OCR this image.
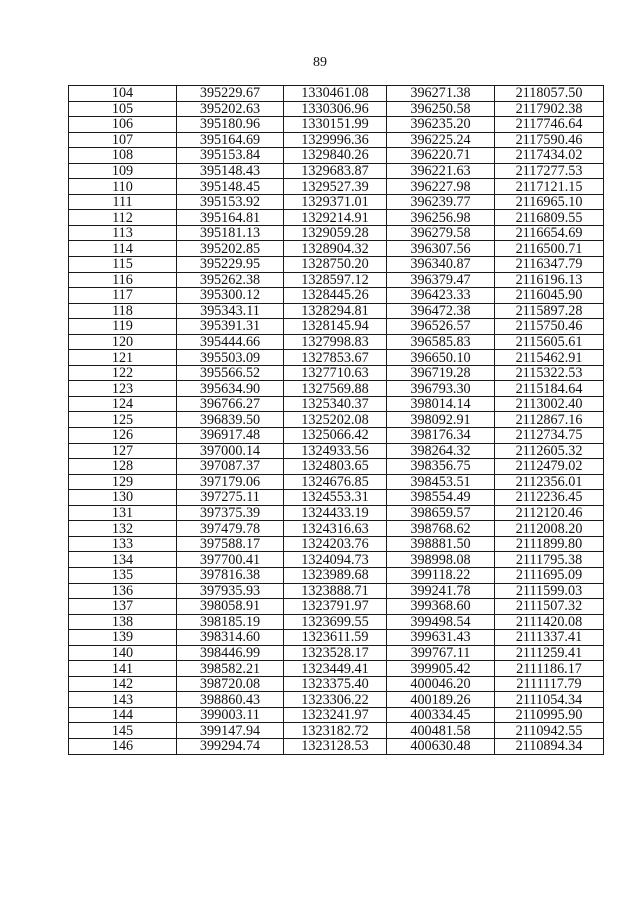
89
104	395229.67	1330461.08	396271.38	2118057.50
105	395202.63	1330306.96	396250.58	2117902.38
106	395180.96	1330151.99	396235.20	2117746.64
107	395164.69	1329996.36	396225.24	2117590.46
108	395153.84	1329840.26	396220.71	2117434.02
109	395148.43	1329683.87	396221.63	2117277.53
110	395148.45	1329527.39	396227.98	2117121.15
111	395153.92	1329371.01	396239.77	2116965.10
112	395164.81	1329214.91	396256.98	2116809.55
113	395181.13	1329059.28	396279.58	2116654.69
114	395202.85	1328904.32	396307.56	2116500.71
115	395229.95	1328750.20	396340.87	2116347.79
116	395262.38	1328597.12	396379.47	2116196.13
117	395300.12	1328445.26	396423.33	2116045.90
118	395343.11	1328294.81	396472.38	2115897.28
119	395391.31	1328145.94	396526.57	2115750.46
120	395444.66	1327998.83	396585.83	2115605.61
121	395503.09	1327853.67	396650.10	2115462.91
122	395566.52	1327710.63	396719.28	2115322.53
123	395634.90	1327569.88	396793.30	2115184.64
124	396766.27	1325340.37	398014.14	2113002.40
125	396839.50	1325202.08	398092.91	2112867.16
126	396917.48	1325066.42	398176.34	2112734.75
127	397000.14	1324933.56	398264.32	2112605.32
128	397087.37	1324803.65	398356.75	2112479.02
129	397179.06	1324676.85	398453.51	2112356.01
130	397275.11	1324553.31	398554.49	2112236.45
131	397375.39	1324433.19	398659.57	2112120.46
132	397479.78	1324316.63	398768.62	2112008.20
133	397588.17	1324203.76	398881.50	2111899.80
134	397700.41	1324094.73	398998.08	2111795.38
135	397816.38	1323989.68	399118.22	2111695.09
136	397935.93	1323888.71	399241.78	2111599.03
137	398058.91	1323791.97	399368.60	2111507.32
138	398185.19	1323699.55	399498.54	2111420.08
139	398314.60	1323611.59	399631.43	2111337.41
140	398446.99	1323528.17	399767.11	2111259.41
141	398582.21	1323449.41	399905.42	2111186.17
142	398720.08	1323375.40	400046.20	2111117.79
143	398860.43	1323306.22	400189.26	2111054.34
144	399003.11	1323241.97	400334.45	2110995.90
145	399147.94	1323182.72	400481.58	2110942.55
146	399294.74	1323128.53	400630.48	2110894.34
